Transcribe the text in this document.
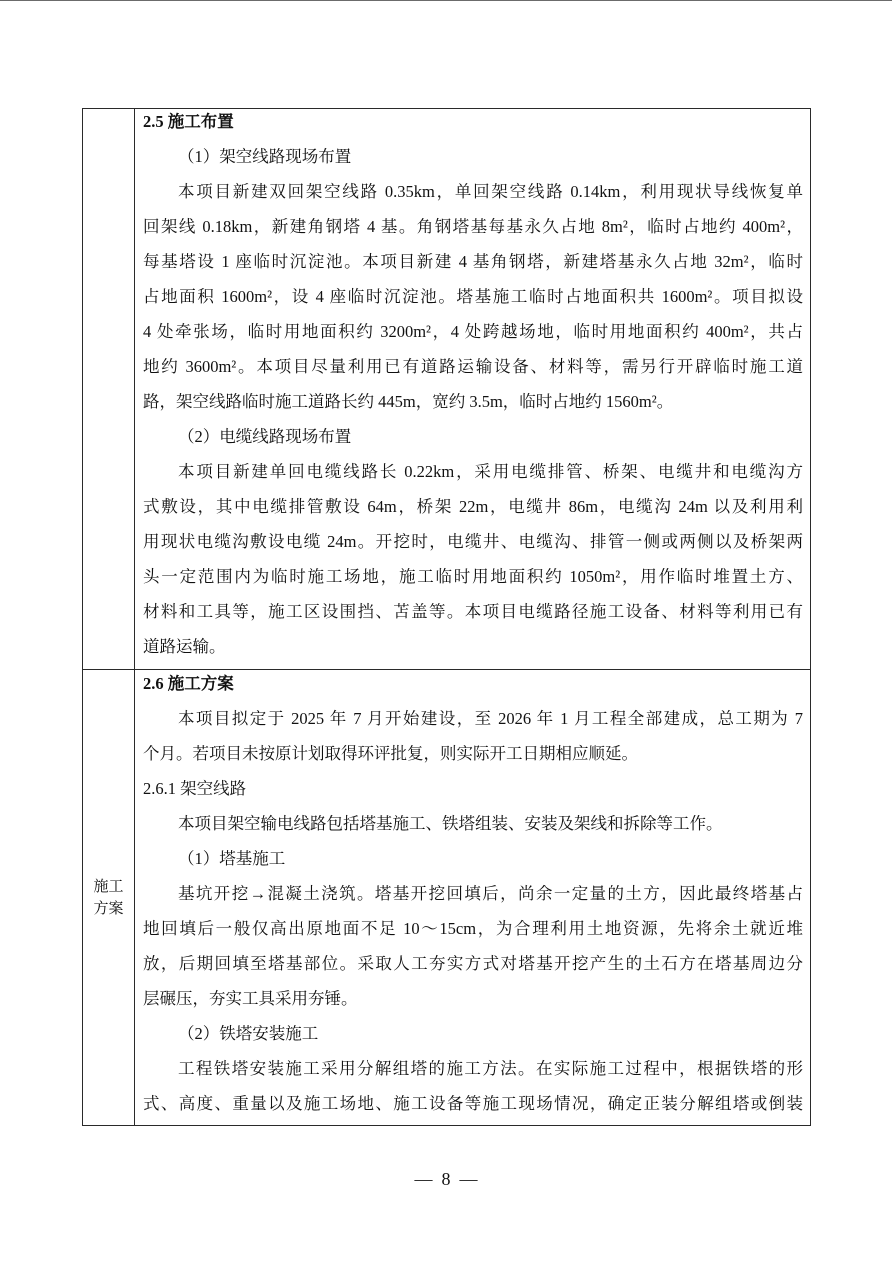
2.5 施工布置
（1）架空线路现场布置
本项目新建双回架空线路 0.35km，单回架空线路 0.14km，利用现状导线恢复单
回架线 0.18km，新建角钢塔 4 基。角钢塔基每基永久占地 8m²，临时占地约 400m²，
每基塔设 1 座临时沉淀池。本项目新建 4 基角钢塔，新建塔基永久占地 32m²，临时
占地面积 1600m²，设 4 座临时沉淀池。塔基施工临时占地面积共 1600m²。项目拟设
4 处牵张场，临时用地面积约 3200m²，4 处跨越场地，临时用地面积约 400m²，共占
地约 3600m²。本项目尽量利用已有道路运输设备、材料等，需另行开辟临时施工道
路，架空线路临时施工道路长约 445m，宽约 3.5m，临时占地约 1560m²。
（2）电缆线路现场布置
本项目新建单回电缆线路长 0.22km，采用电缆排管、桥架、电缆井和电缆沟方
式敷设，其中电缆排管敷设 64m，桥架 22m，电缆井 86m，电缆沟 24m 以及利用利
用现状电缆沟敷设电缆 24m。开挖时，电缆井、电缆沟、排管一侧或两侧以及桥架两
头一定范围内为临时施工场地，施工临时用地面积约 1050m²，用作临时堆置土方、
材料和工具等，施工区设围挡、苫盖等。本项目电缆路径施工设备、材料等利用已有
道路运输。
施工
方案
2.6 施工方案
本项目拟定于 2025 年 7 月开始建设，至 2026 年 1 月工程全部建成，总工期为 7
个月。若项目未按原计划取得环评批复，则实际开工日期相应顺延。
2.6.1 架空线路
本项目架空输电线路包括塔基施工、铁塔组装、安装及架线和拆除等工作。
（1）塔基施工
基坑开挖→混凝土浇筑。塔基开挖回填后，尚余一定量的土方，因此最终塔基占
地回填后一般仅高出原地面不足 10～15cm，为合理利用土地资源，先将余土就近堆
放，后期回填至塔基部位。采取人工夯实方式对塔基开挖产生的土石方在塔基周边分
层碾压，夯实工具采用夯锤。
（2）铁塔安装施工
工程铁塔安装施工采用分解组塔的施工方法。在实际施工过程中，根据铁塔的形
式、高度、重量以及施工场地、施工设备等施工现场情况，确定正装分解组塔或倒装
—  8  —
